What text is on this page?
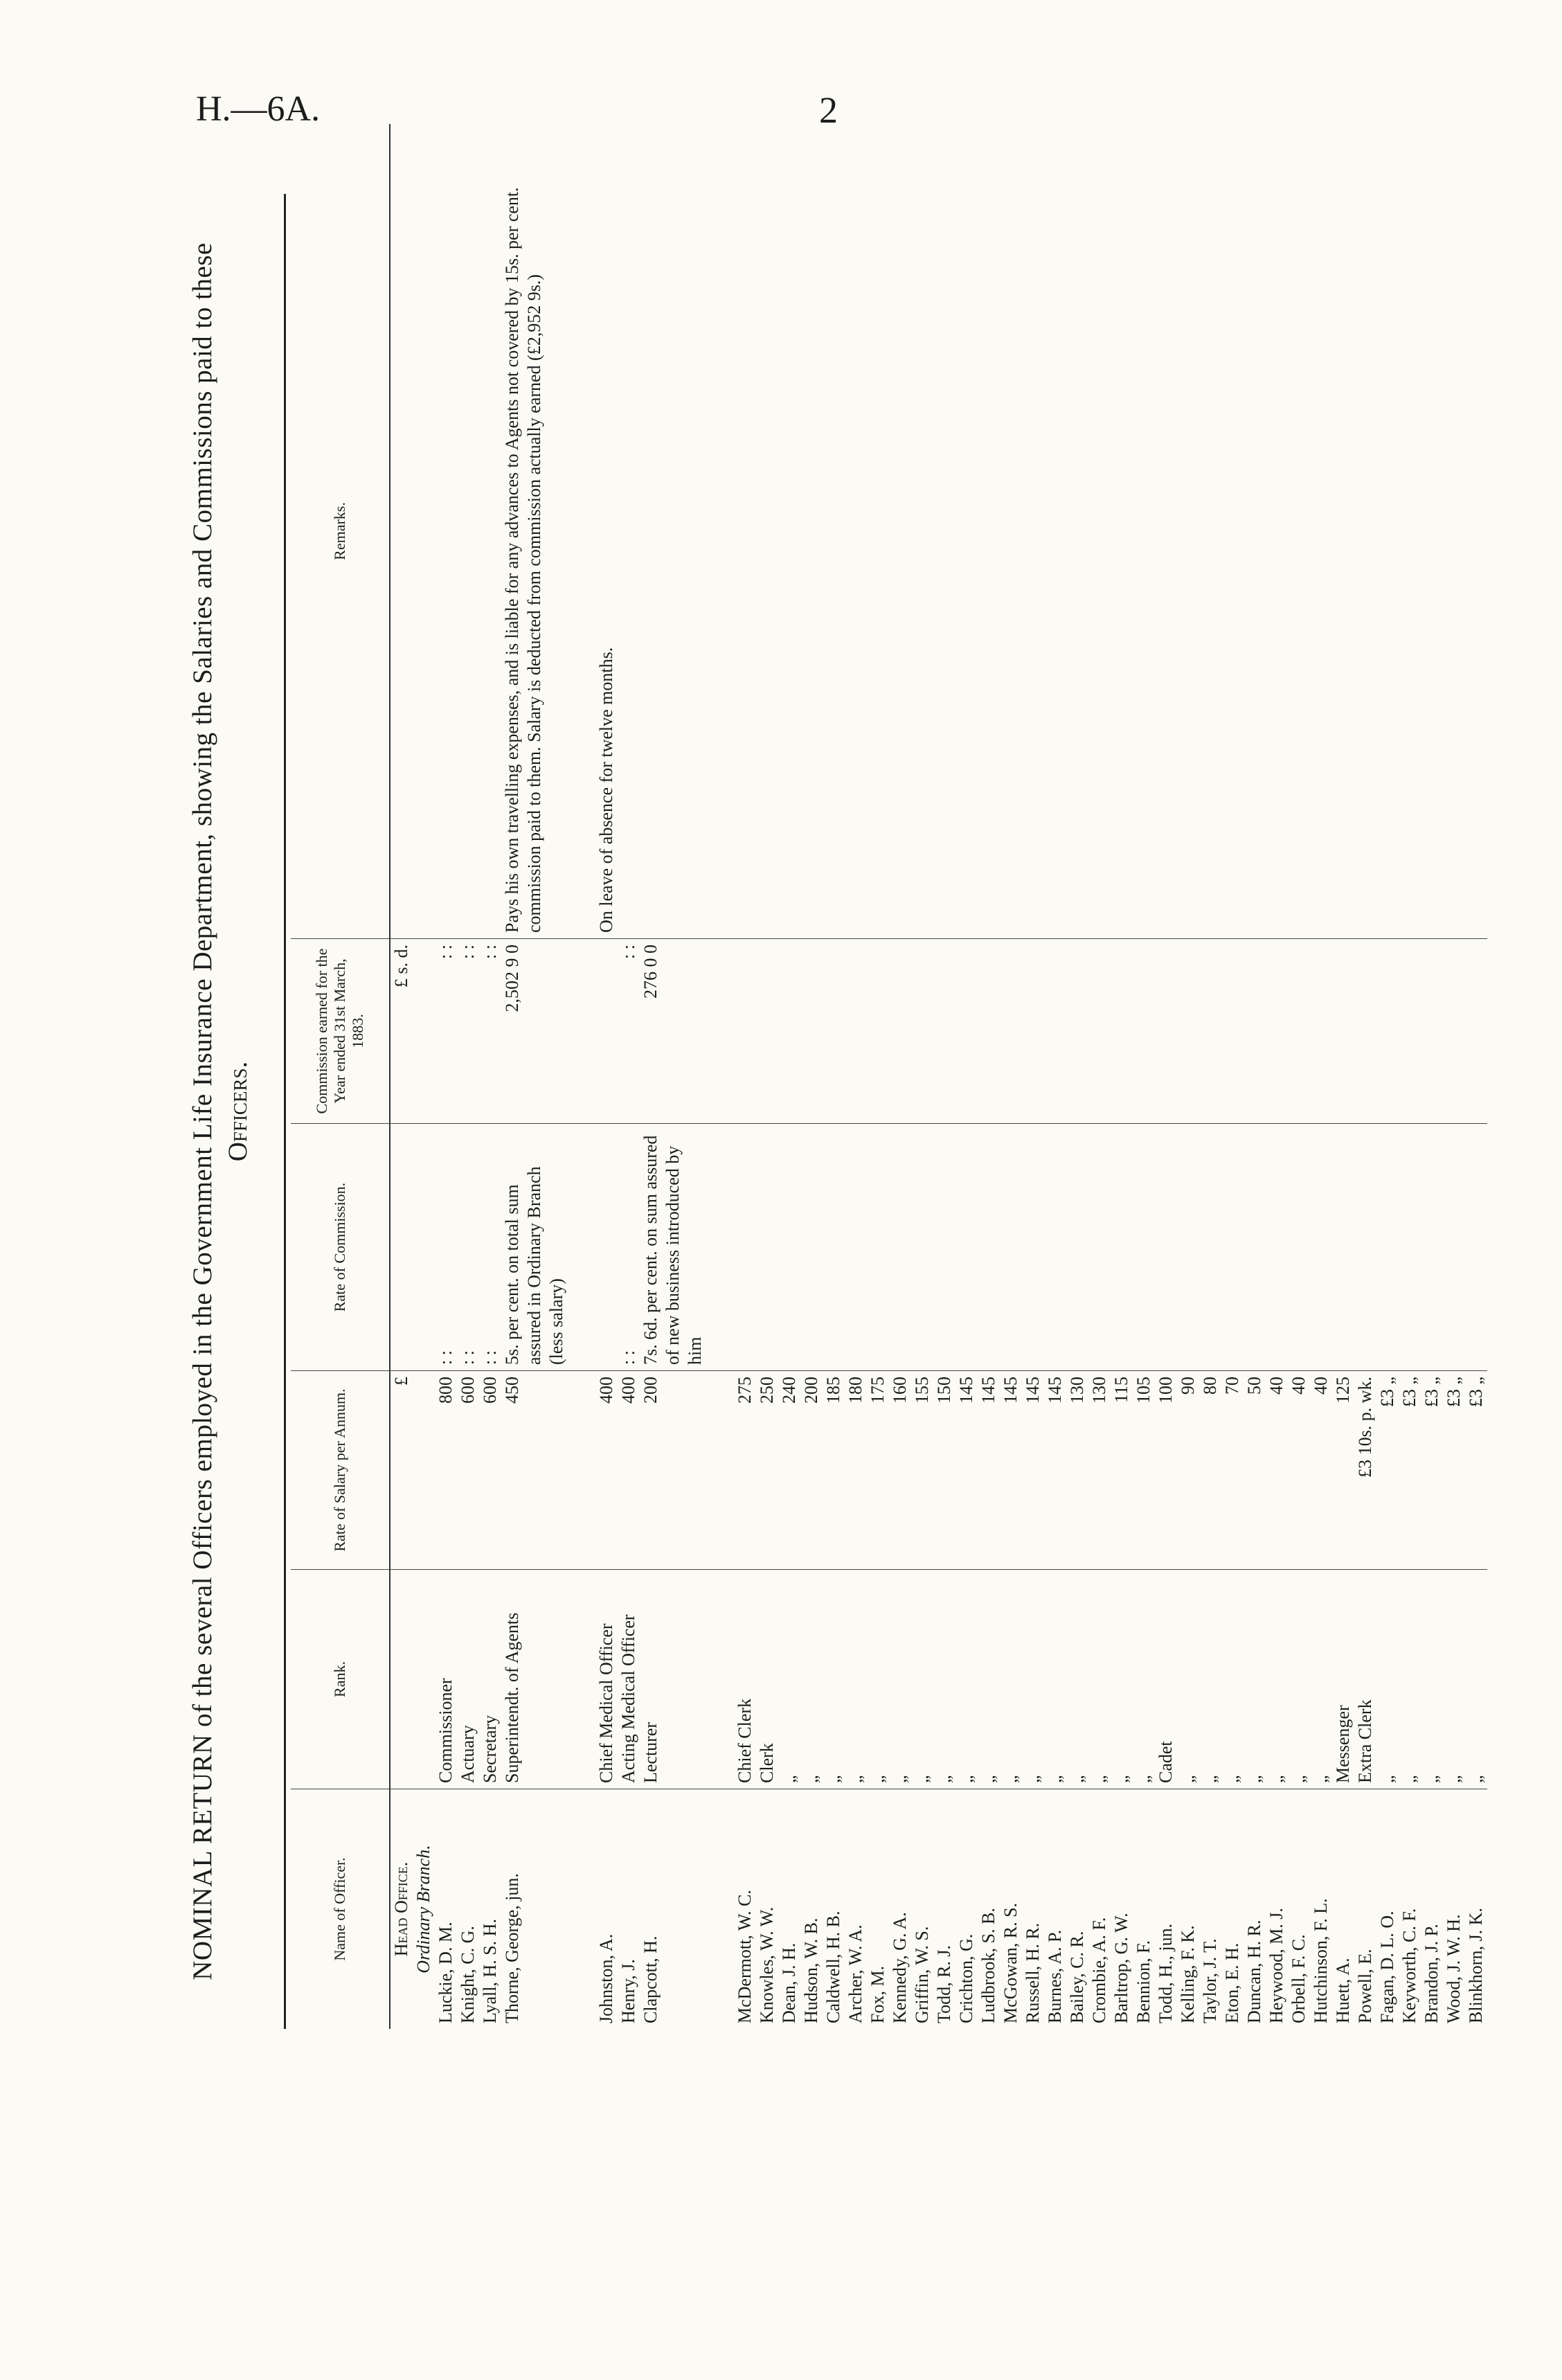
H.—6A.	2
NOMINAL RETURN of the several Officers employed in the Government Life Insurance Department, showing the Salaries and Commissions paid to these Officers.
Name of Officer.	Rank.	Rate of Salary per Annum.	Rate of Commission.	Commission earned for the Year ended 31st March, 1883.	Remarks.
Head Office.		£		£ s. d.	
Ordinary Branch.					
Luckie, D. M.	Commissioner	800	: :	: :	
Knight, C. G.	Actuary	600	: :	: :	
Lyall, H. S. H.	Secretary	600	: :	: :	
Thorne, George, jun.	Superintendt. of Agents	450	5s. per cent. on total sum assured in Ordinary Branch (less salary)	2,502 9 0	Pays his own travelling expenses, and is liable for any advances to Agents not covered by 15s. per cent. commission paid to them. Salary is deducted from commission actually earned (£2,952 9s.)

Johnston, A.	Chief Medical Officer	400			On leave of absence for twelve months.
Henry, J.	Acting Medical Officer	400	: :	: :	
Clapcott, H.	Lecturer	200	7s. 6d. per cent. on sum assured of new business introduced by him	276 0 0	

McDermott, W. C.	Chief Clerk	275			
Knowles, W. W.	Clerk	250			
Dean, J. H.	„	240			
Hudson, W. B.	„	200			
Caldwell, H. B.	„	185			
Archer, W. A.	„	180			
Fox, M.	„	175			
Kennedy, G. A.	„	160			
Griffin, W. S.	„	155			
Todd, R. J.	„	150			
Crichton, G.	„	145			
Ludbrook, S. B.	„	145			
McGowan, R. S.	„	145			
Russell, H. R.	„	145			
Burnes, A. P.	„	145			
Bailey, C. R.	„	130			
Crombie, A. F.	„	130			
Barltrop, G. W.	„	115			
Bennion, F.	„	105			
Todd, H., jun.	Cadet	100			
Kelling, F. K.	„	90			
Taylor, J. T.	„	80			
Eton, E. H.	„	70			
Duncan, H. R.	„	50			
Heywood, M. J.	„	40			
Orbell, F. C.	„	40			
Hutchinson, F. L.	„	40			
Huett, A.	Messenger	125			
Powell, E.	Extra Clerk	£3 10s. p. wk.			
Fagan, D. L. O.	„	£3 „			
Keyworth, C. F.	„	£3 „			
Brandon, J. P.	„	£3 „			
Wood, J. W. H.	„	£3 „			
Blinkhorn, J. K.	„	£3 „			
